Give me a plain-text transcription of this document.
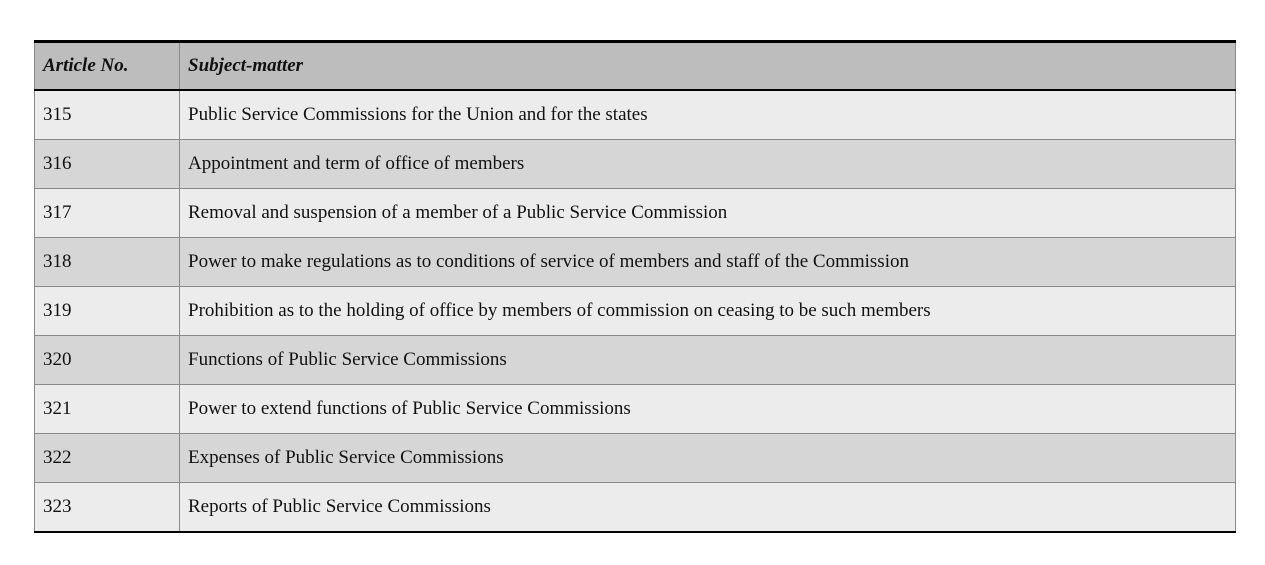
Article No.	Subject-matter
315	Public Service Commissions for the Union and for the states
316	Appointment and term of office of members
317	Removal and suspension of a member of a Public Service Commission
318	Power to make regulations as to conditions of service of members and staff of the Commission
319	Prohibition as to the holding of office by members of commission on ceasing to be such members
320	Functions of Public Service Commissions
321	Power to extend functions of Public Service Commissions
322	Expenses of Public Service Commissions
323	Reports of Public Service Commissions
